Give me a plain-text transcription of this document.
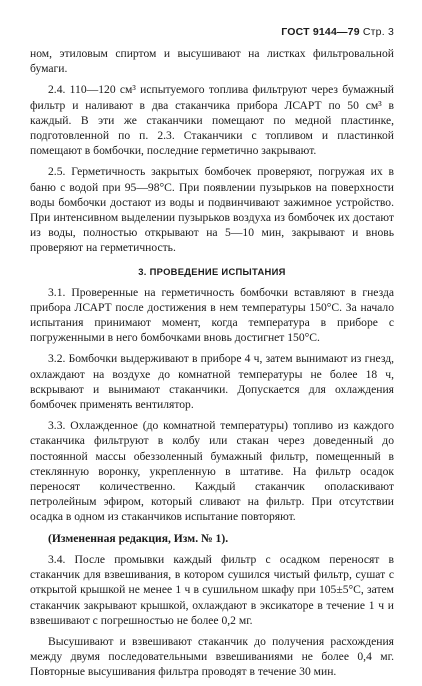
ГОСТ 9144—79 Стр. 3

ном, этиловым спиртом и высушивают на листках фильтровальной бумаги.

2.4. 110—120 см³ испытуемого топлива фильтруют через бумажный фильтр и наливают в два стаканчика прибора ЛСАРТ по 50 см³ в каждый. В эти же стаканчики помещают по медной пластинке, подготовленной по п. 2.3. Стаканчики с топливом и пластинкой помещают в бомбочки, последние герметично закрывают.

2.5. Герметичность закрытых бомбочек проверяют, погружая их в баню с водой при 95—98°С. При появлении пузырьков на поверхности воды бомбочки достают из воды и подвинчивают зажимное устройство. При интенсивном выделении пузырьков воздуха из бомбочек их достают из воды, полностью открывают на 5—10 мин, закрывают и вновь проверяют на герметичность.

3. ПРОВЕДЕНИЕ ИСПЫТАНИЯ

3.1. Проверенные на герметичность бомбочки вставляют в гнезда прибора ЛСАРТ после достижения в нем температуры 150°С. За начало испытания принимают момент, когда температура в приборе с погруженными в него бомбочками вновь достигнет 150°С.

3.2. Бомбочки выдерживают в приборе 4 ч, затем вынимают из гнезд, охлаждают на воздухе до комнатной температуры не более 18 ч, вскрывают и вынимают стаканчики. Допускается для охлаждения бомбочек применять вентилятор.

3.3. Охлажденное (до комнатной температуры) топливо из каждого стаканчика фильтруют в колбу или стакан через доведенный до постоянной массы обеззоленный бумажный фильтр, помещенный в стеклянную воронку, укрепленную в штативе. На фильтр осадок переносят количественно. Каждый стаканчик ополаскивают петролейным эфиром, который сливают на фильтр. При отсутствии осадка в одном из стаканчиков испытание повторяют.

(Измененная редакция, Изм. № 1).

3.4. После промывки каждый фильтр с осадком переносят в стаканчик для взвешивания, в котором сушился чистый фильтр, сушат с открытой крышкой не менее 1 ч в сушильном шкафу при 105±5°С, затем стаканчик закрывают крышкой, охлаждают в эксикаторе в течение 1 ч и взвешивают с погрешностью не более 0,2 мг.

Высушивают и взвешивают стаканчик до получения расхождения между двумя последовательными взвешиваниями не более 0,4 мг. Повторные высушивания фильтра проводят в течение 30 мин.
